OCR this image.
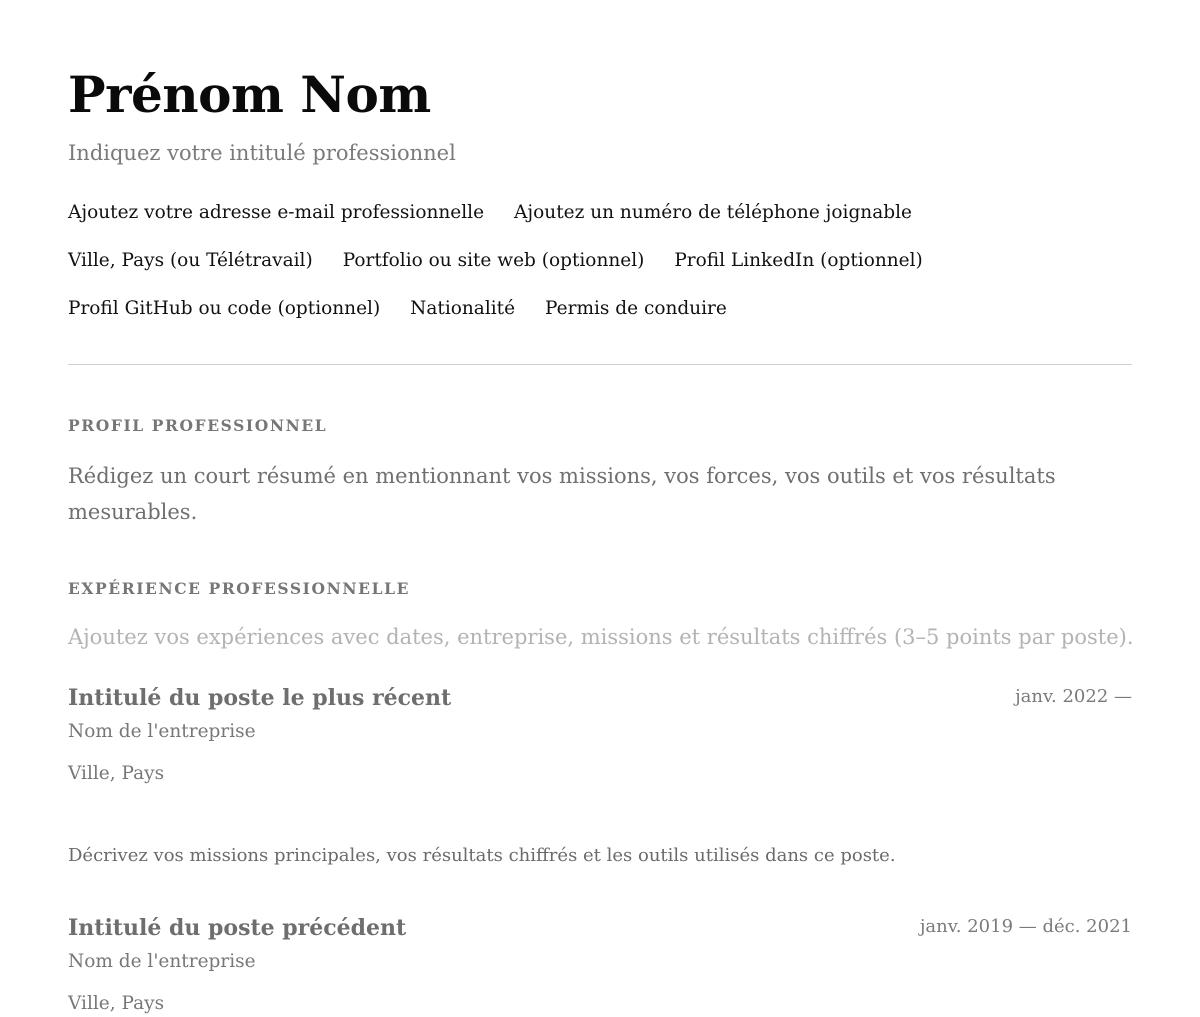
Prénom Nom
Indiquez votre intitulé professionnel
Ajoutez votre adresse e-mail professionnelle Ajoutez un numéro de téléphone joignable
Ville, Pays (ou Télétravail) Portfolio ou site web (optionnel) Profil LinkedIn (optionnel)
Profil GitHub ou code (optionnel) Nationalité Permis de conduire
PROFIL PROFESSIONNEL
Rédigez un court résumé en mentionnant vos missions, vos forces, vos outils et vos résultats mesurables.
EXPÉRIENCE PROFESSIONNELLE
Ajoutez vos expériences avec dates, entreprise, missions et résultats chiffrés (3–5 points par poste).
Intitulé du poste le plus récent	janv. 2022 —
Nom de l'entreprise
Ville, Pays
Décrivez vos missions principales, vos résultats chiffrés et les outils utilisés dans ce poste.
Intitulé du poste précédent	janv. 2019 — déc. 2021
Nom de l'entreprise
Ville, Pays
